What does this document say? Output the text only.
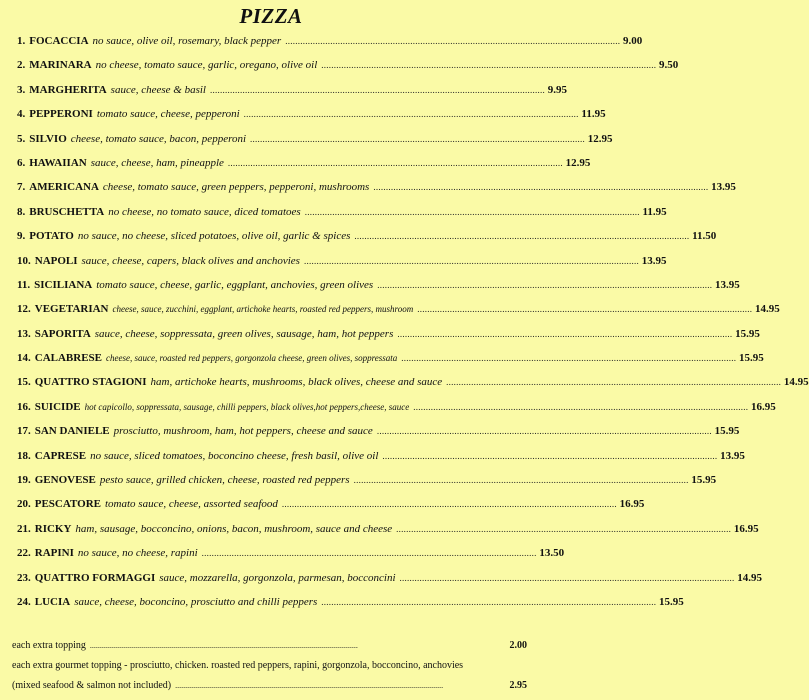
PIZZA
1. FOCACCIA no sauce, olive oil, rosemary, black pepper . . .	9.00
2. MARINARA no cheese, tomato sauce, garlic, oregano, olive oil . . .	9.50
3. MARGHERITA sauce, cheese & basil . . .	9.95
4. PEPPERONI tomato sauce, cheese, pepperoni . . .	11.95
5. SILVIO cheese, tomato sauce, bacon, pepperoni . . .	12.95
6. HAWAIIAN sauce, cheese, ham, pineapple . . .	12.95
7. AMERICANA cheese, tomato sauce, green peppers, pepperoni, mushrooms . . .	13.95
8. BRUSCHETTA no cheese, no tomato sauce, diced tomatoes . . .	11.95
9. POTATO no sauce, no cheese, sliced potatoes, olive oil, garlic & spices . . .	11.50
10. NAPOLI sauce, cheese, capers, black olives and anchovies . . .	13.95
11. SICILIANA tomato sauce, cheese, garlic, eggplant, anchovies, green olives . . .	13.95
12. VEGETARIAN cheese, sauce, zucchini, eggplant, artichoke hearts, roasted red peppers, mushroom . . .	14.95
13. SAPORITA sauce, cheese, soppressata, green olives, sausage, ham, hot peppers . . .	15.95
14. CALABRESE cheese, sauce, roasted red peppers, gorgonzola cheese, green olives, soppressata . . .	15.95
15. QUATTRO STAGIONI ham, artichoke hearts, mushrooms, black olives, cheese and sauce . . .	14.95
16. SUICIDE hot capicollo, soppressata, sausage, chilli peppers, black olives,hot peppers,cheese, sauce . . .	16.95
17. SAN DANIELE prosciutto, mushroom, ham, hot peppers, cheese and sauce . . .	15.95
18. CAPRESE no sauce, sliced tomatoes, boconcino cheese, fresh basil, olive oil . . .	13.95
19. GENOVESE pesto sauce, grilled chicken, cheese, roasted red peppers . . .	15.95
20. PESCATORE tomato sauce, cheese, assorted seafood . . .	16.95
21. RICKY ham, sausage, bocconcino, onions, bacon, mushroom, sauce and cheese . . .	16.95
22. RAPINI no sauce, no cheese, rapini . . .	13.50
23. QUATTRO FORMAGGI sauce, mozzarella, gorgonzola, parmesan, bocconcini . . .	14.95
24. LUCIA sauce, cheese, boconcino, prosciutto and chilli peppers . . .	15.95
each extra topping . . .	2.00
each extra gourmet topping - prosciutto, chicken. roasted red peppers, rapini, gorgonzola, bocconcino, anchovies
(mixed seafood & salmon not included) . . .	2.95
